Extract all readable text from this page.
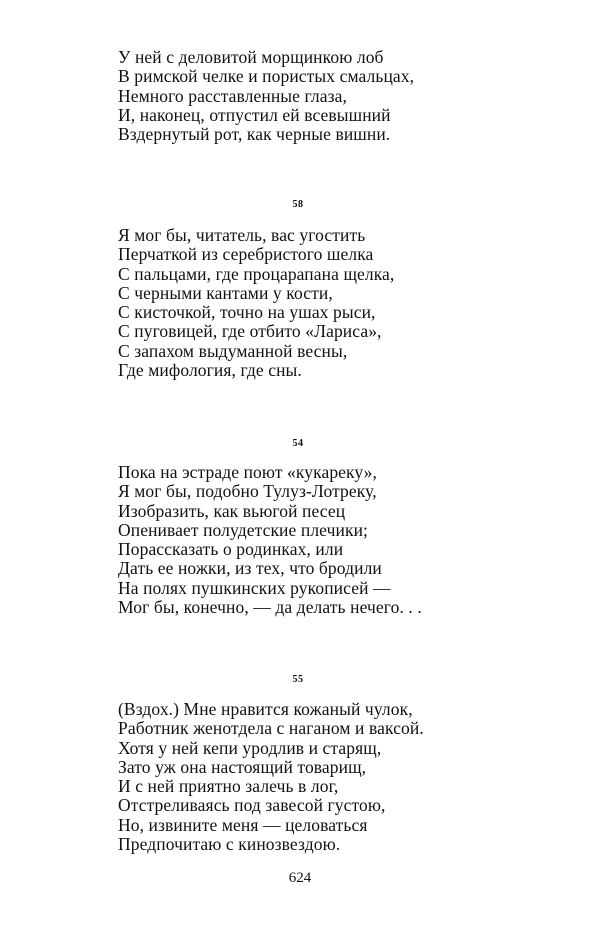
У ней с деловитой морщинкою лоб
В римской челке и пористых смальцах,
Немного расставленные глаза,
И, наконец, отпустил ей всевышний
Вздернутый рот, как черные вишни.
58
Я мог бы, читатель, вас угостить
Перчаткой из серебристого шелка
С пальцами, где процарапана щелка,
С черными кантами у кости,
С кисточкой, точно на ушах рыси,
С пуговицей, где отбито «Лариса»,
С запахом выдуманной весны,
Где мифология, где сны.
54
Пока на эстраде поют «кукареку»,
Я мог бы, подобно Тулуз-Лотреку,
Изобразить, как вьюгой песец
Опенивает полудетские плечики;
Порассказать о родинках, или
Дать ее ножки, из тех, что бродили
На полях пушкинских рукописей —
Мог бы, конечно, — да делать нечего. . .
55
(Вздох.) Мне нравится кожаный чулок,
Работник женотдела с наганом и ваксой.
Хотя у ней кепи уродлив и старящ,
Зато уж она настоящий товарищ,
И с ней приятно залечь в лог,
Отстреливаясь под завесой густою,
Но, извините меня — целоваться
Предпочитаю с кинозвездою.
624
